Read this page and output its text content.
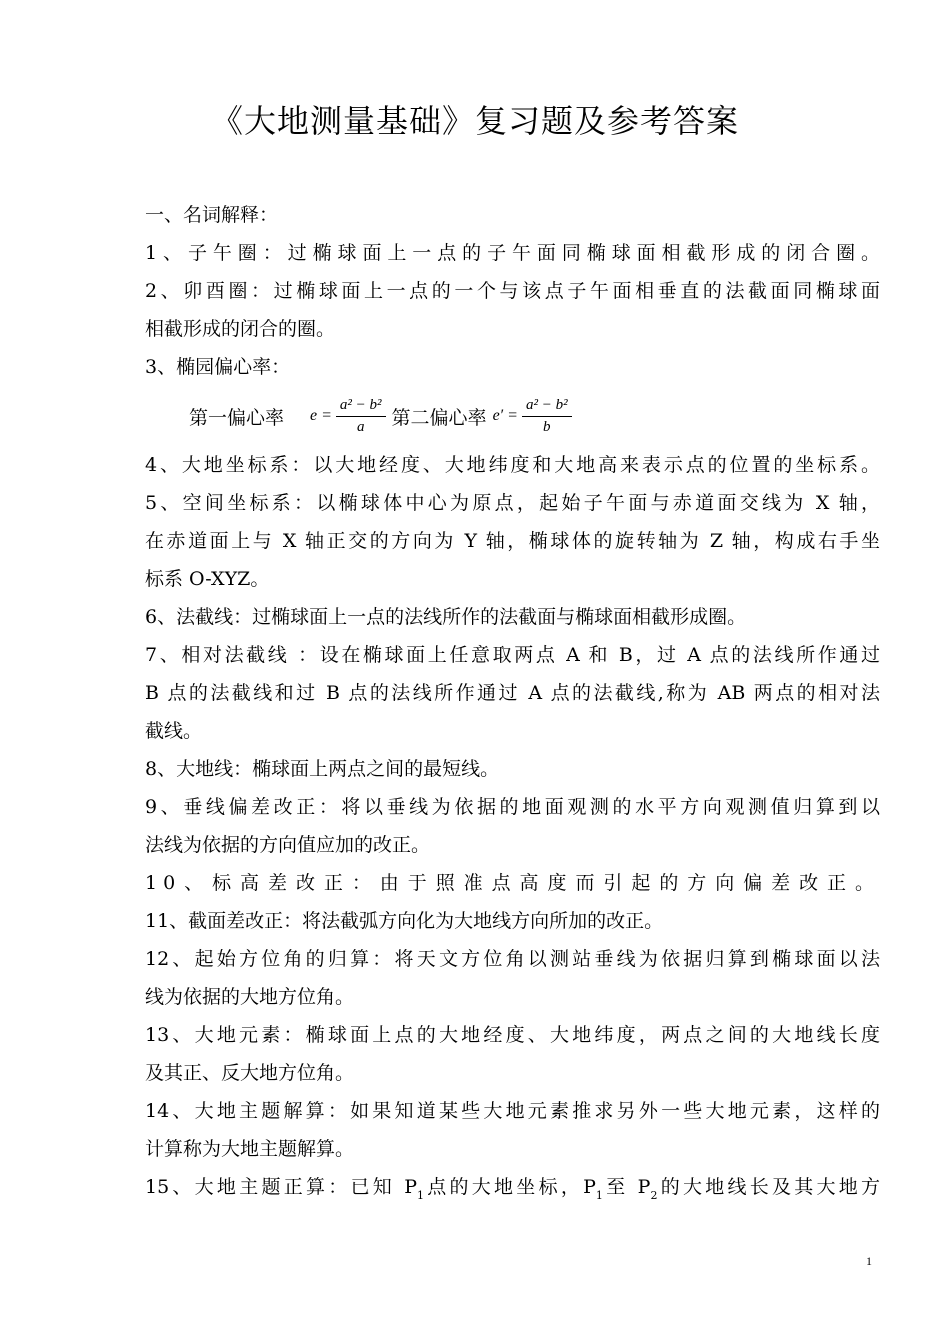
《大地测量基础》复习题及参考答案
一、名词解释：
1、子午圈：过椭球面上一点的子午面同椭球面相截形成的闭合圈。
2、卯酉圈：过椭球面上一点的一个与该点子午面相垂直的法截面同椭球面
相截形成的闭合的圈。
3、椭园偏心率：
第一偏心率 $e = \frac{\text{a² − b²}}{a}$ 第二偏心率 $e' = \frac{\text{a² − b²}}{b}$
4、大地坐标系：以大地经度、大地纬度和大地高来表示点的位置的坐标系。
5、空间坐标系：以椭球体中心为原点，起始子午面与赤道面交线为 X 轴，
在赤道面上与 X 轴正交的方向为 Y 轴，椭球体的旋转轴为 Z 轴，构成右手坐
标系 O-XYZ。
6、法截线：过椭球面上一点的法线所作的法截面与椭球面相截形成圈。
7、相对法截线 ：设在椭球面上任意取两点 A 和 B，过 A 点的法线所作通过
B 点的法截线和过 B 点的法线所作通过 A 点的法截线,称为 AB 两点的相对法
截线。
8、大地线：椭球面上两点之间的最短线。
9、垂线偏差改正：将以垂线为依据的地面观测的水平方向观测值归算到以
法线为依据的方向值应加的改正。
10、标高差改正：由于照准点高度而引起的方向偏差改正。
11、截面差改正：将法截弧方向化为大地线方向所加的改正。
12、起始方位角的归算：将天文方位角以测站垂线为依据归算到椭球面以法
线为依据的大地方位角。
13、大地元素：椭球面上点的大地经度、大地纬度，两点之间的大地线长度
及其正、反大地方位角。
14、大地主题解算：如果知道某些大地元素推求另外一些大地元素，这样的
计算称为大地主题解算。
15、大地主题正算：已知 $P_1$点的大地坐标，$P_1$至 $P_2$的大地线长及其大地方
1
